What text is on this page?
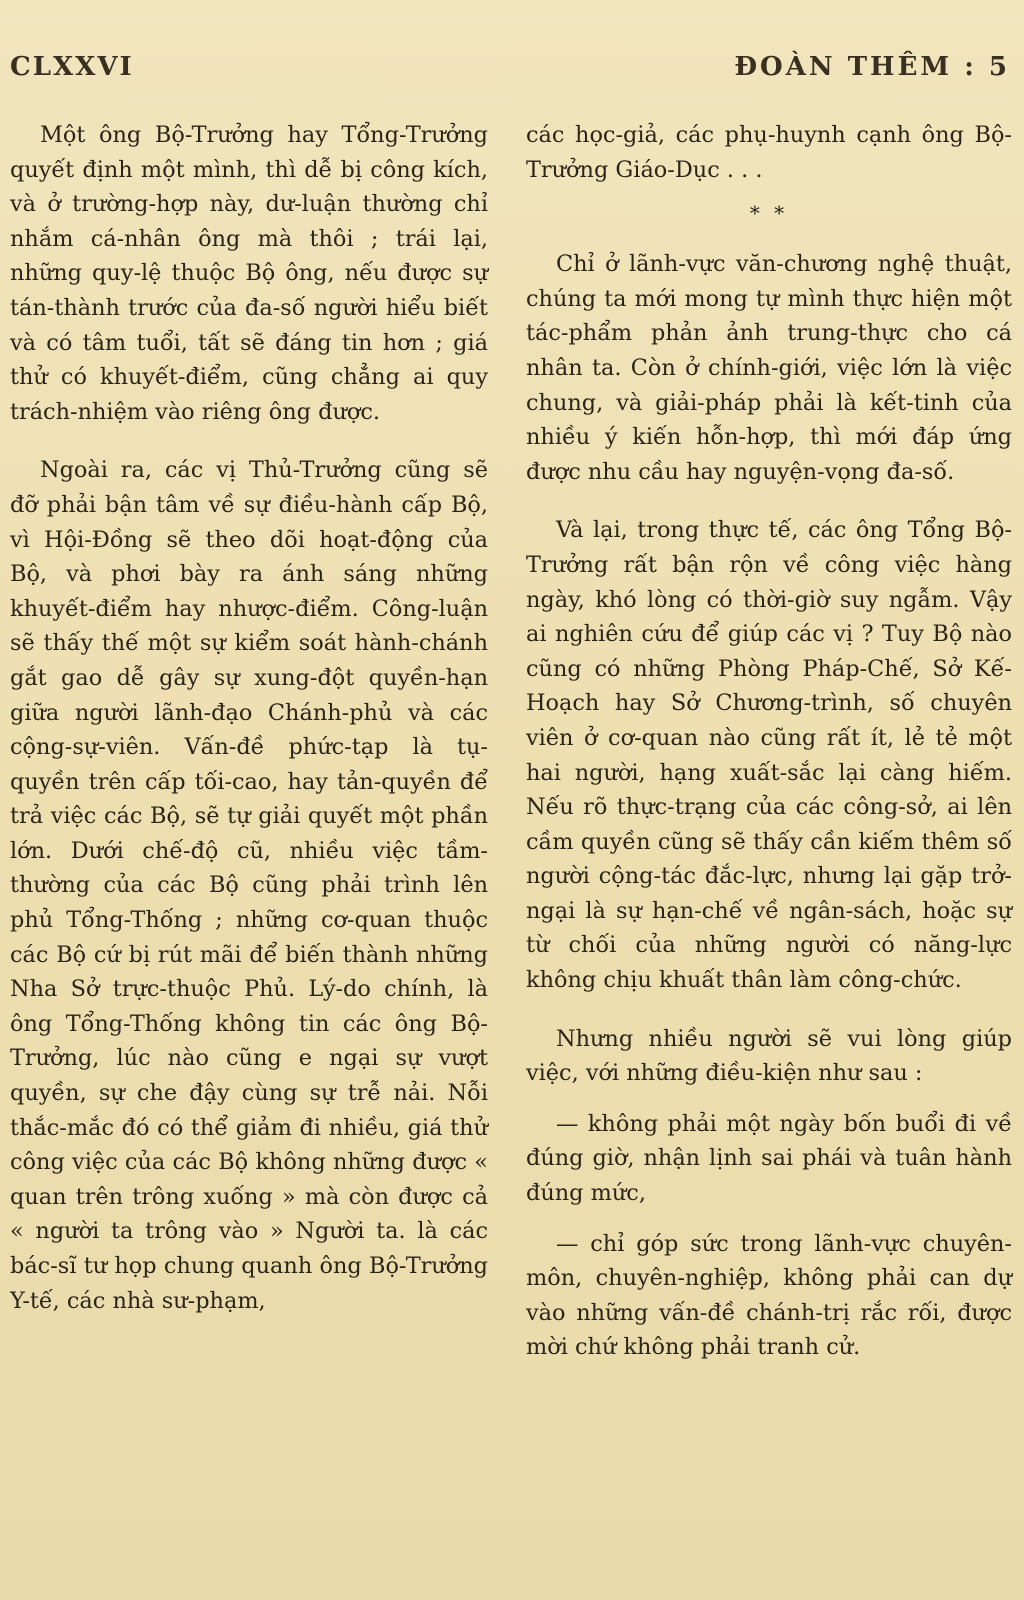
CLXXVI	ĐOÀN THÊM : 5

Một ông Bộ-Trưởng hay Tổng-Trưởng quyết định một mình, thì dễ bị công kích, và ở trường-hợp này, dư-luận thường chỉ nhắm cá-nhân ông mà thôi ; trái lại, những quy-lệ thuộc Bộ ông, nếu được sự tán-thành trước của đa-số người hiểu biết và có tâm tuổi, tất sẽ đáng tin hơn ; giá thử có khuyết-điểm, cũng chẳng ai quy trách-nhiệm vào riêng ông được.

Ngoài ra, các vị Thủ-Trưởng cũng sẽ đỡ phải bận tâm về sự điều-hành cấp Bộ, vì Hội-Đồng sẽ theo dõi hoạt-động của Bộ, và phơi bày ra ánh sáng những khuyết-điểm hay nhược-điểm. Công-luận sẽ thấy thế một sự kiểm soát hành-chánh gắt gao dễ gây sự xung-đột quyền-hạn giữa người lãnh-đạo Chánh-phủ và các cộng-sự-viên. Vấn-đề phức-tạp là tụ-quyền trên cấp tối-cao, hay tản-quyền để trả việc các Bộ, sẽ tự giải quyết một phần lớn. Dưới chế-độ cũ, nhiều việc tầm-thường của các Bộ cũng phải trình lên phủ Tổng-Thống ; những cơ-quan thuộc các Bộ cứ bị rút mãi để biến thành những Nha Sở trực-thuộc Phủ. Lý-do chính, là ông Tổng-Thống không tin các ông Bộ-Trưởng, lúc nào cũng e ngại sự vượt quyền, sự che đậy cùng sự trễ nải. Nỗi thắc-mắc đó có thể giảm đi nhiều, giá thử công việc của các Bộ không những được « quan trên trông xuống » mà còn được cả « người ta trông vào » Người ta. là các bác-sĩ tư họp chung quanh ông Bộ-Trưởng Y-tế, các nhà sư-phạm,

các học-giả, các phụ-huynh cạnh ông Bộ-Trưởng Giáo-Dục . . .

* *

Chỉ ở lãnh-vực văn-chương nghệ thuật, chúng ta mới mong tự mình thực hiện một tác-phẩm phản ảnh trung-thực cho cá nhân ta. Còn ở chính-giới, việc lớn là việc chung, và giải-pháp phải là kết-tinh của nhiều ý kiến hỗn-hợp, thì mới đáp ứng được nhu cầu hay nguyện-vọng đa-số.

Và lại, trong thực tế, các ông Tổng Bộ-Trưởng rất bận rộn về công việc hàng ngày, khó lòng có thời-giờ suy ngẫm. Vậy ai nghiên cứu để giúp các vị ? Tuy Bộ nào cũng có những Phòng Pháp-Chế, Sở Kế-Hoạch hay Sở Chương-trình, số chuyên viên ở cơ-quan nào cũng rất ít, lẻ tẻ một hai người, hạng xuất-sắc lại càng hiếm. Nếu rõ thực-trạng của các công-sở, ai lên cầm quyền cũng sẽ thấy cần kiếm thêm số người cộng-tác đắc-lực, nhưng lại gặp trở-ngại là sự hạn-chế về ngân-sách, hoặc sự từ chối của những người có năng-lực không chịu khuất thân làm công-chức.

Nhưng nhiều người sẽ vui lòng giúp việc, với những điều-kiện như sau :

— không phải một ngày bốn buổi đi về đúng giờ, nhận lịnh sai phái và tuân hành đúng mức,

— chỉ góp sức trong lãnh-vực chuyên-môn, chuyên-nghiệp, không phải can dự vào những vấn-đề chánh-trị rắc rối, được mời chứ không phải tranh cử.
